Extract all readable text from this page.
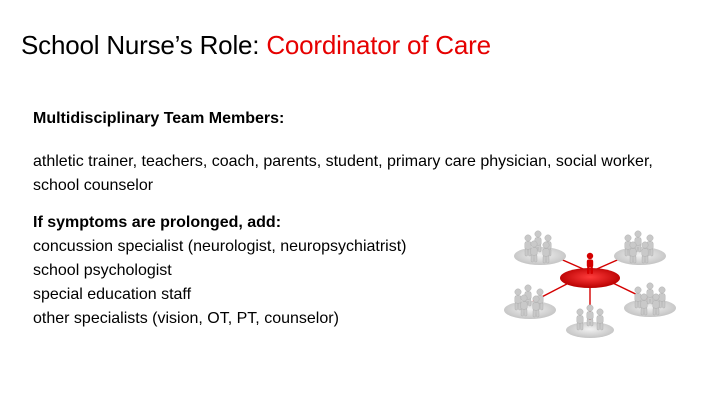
School Nurse’s Role: Coordinator of Care

Multidisciplinary Team Members:

athletic trainer, teachers, coach, parents, student, primary care physician, social worker, school counselor

If symptoms are prolonged, add:
concussion specialist (neurologist, neuropsychiatrist)
school psychologist
special education staff
other specialists (vision, OT, PT, counselor)
